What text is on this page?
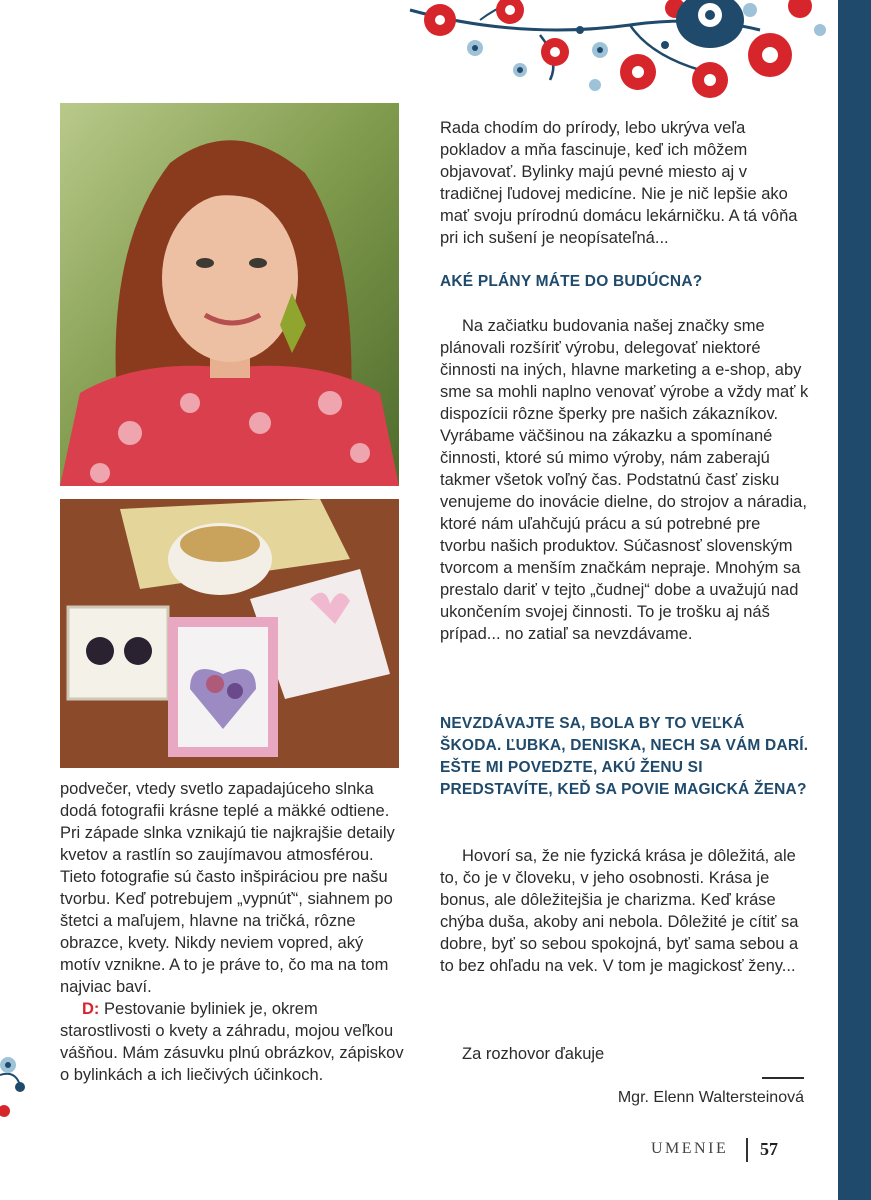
Rada chodím do prírody, lebo ukrýva veľa pokladov a mňa fascinuje, keď ich môžem objavovať. Bylinky majú pevné miesto aj v tradičnej ľudovej medicíne. Nie je nič lepšie ako mať svoju prírodnú domácu lekárničku. A tá vôňa pri ich sušení je neopísateľná...
AKÉ PLÁNY MÁTE DO BUDÚCNA?
Na začiatku budovania našej značky sme plánovali rozšíriť výrobu, delegovať niektoré činnosti na iných, hlavne marketing a e-shop, aby sme sa mohli naplno venovať výrobe a vždy mať k dispozícii rôzne šperky pre našich zákazníkov. Vyrábame väčšinou na zákazku a spomínané činnosti, ktoré sú mimo výroby, nám zaberajú takmer všetok voľný čas. Podstatnú časť zisku venujeme do inovácie dielne, do strojov a náradia, ktoré nám uľahčujú prácu a sú potrebné pre tvorbu našich produktov. Súčasnosť slovenským tvorcom a menším značkám nepraje. Mnohým sa prestalo dariť v tejto „čudnej“ dobe a uvažujú nad ukončením svojej činnosti. To je trošku aj náš prípad... no zatiaľ sa nevzdávame.
NEVZDÁVAJTE SA, BOLA BY TO VEĽKÁ ŠKODA. ĽUBKA, DENISKA, NECH SA VÁM DARÍ. EŠTE MI POVEDZTE, AKÚ ŽENU SI PREDSTAVÍTE, KEĎ SA POVIE MAGICKÁ ŽENA?
Hovorí sa, že nie fyzická krása je dôležitá, ale to, čo je v človeku, v jeho osobnosti. Krása je bonus, ale dôležitejšia je charizma. Keď kráse chýba duša, akoby ani nebola. Dôležité je cítiť sa dobre, byť so sebou spokojná, byť sama sebou a to bez ohľadu na vek. V tom je magickosť ženy...
Za rozhovor ďakuje
Mgr. Elenn Waltersteinová

podvečer, vtedy svetlo zapadajúceho slnka dodá fotografii krásne teplé a mäkké odtiene. Pri západe slnka vznikajú tie najkrajšie detaily kvetov a rastlín so zaujímavou atmosférou. Tieto fotografie sú často inšpiráciou pre našu tvorbu. Keď potrebujem „vypnúť“, siahnem po štetci a maľujem, hlavne na tričká, rôzne obrazce, kvety. Nikdy neviem vopred, aký motív vznikne. A to je práve to, čo ma na tom najviac baví.

D: Pestovanie byliniek je, okrem starostlivosti o kvety a záhradu, mojou veľkou vášňou. Mám zásuvku plnú obrázkov, zápiskov o bylinkách a ich liečivých účinkoch.

UMENIE 57
